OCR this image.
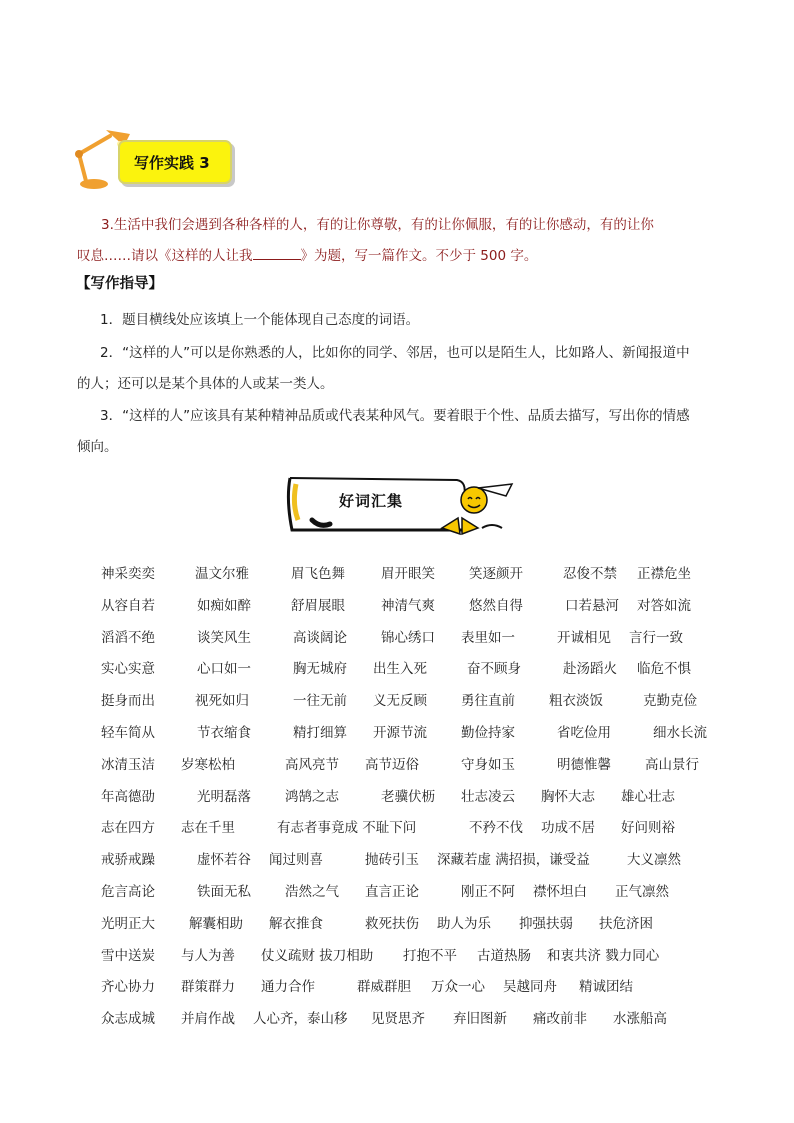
写作实践 3
3.生活中我们会遇到各种各样的人，有的让你尊敬，有的让你佩服，有的让你感动，有的让你
叹息……请以《这样的人让我	》为题，写一篇作文。不少于 500 字。
【写作指导】
1．题目横线处应该填上一个能体现自己态度的词语。
2．“这样的人”可以是你熟悉的人，比如你的同学、邻居，也可以是陌生人，比如路人、新闻报道中
的人；还可以是某个具体的人或某一类人。
3．“这样的人”应该具有某种精神品质或代表某种风气。要着眼于个性、品质去描写，写出你的情感
倾向。
好词汇集
神采奕奕	温文尔雅	眉飞色舞	眉开眼笑	笑逐颜开	忍俊不禁 正襟危坐
从容自若	如痴如醉	舒眉展眼	神清气爽	悠然自得	口若悬河 对答如流
滔滔不绝	谈笑风生	高谈阔论	锦心绣口 表里如一	开诚相见 言行一致
实心实意	心口如一	胸无城府 出生入死	奋不顾身	赴汤蹈火 临危不惧
挺身而出	视死如归	一往无前 义无反顾	勇往直前	粗衣淡饭	克勤克俭
轻车简从	节衣缩食	精打细算 开源节流	勤俭持家	省吃俭用	细水长流
冰清玉洁 岁寒松柏	高风亮节 高节迈俗	守身如玉	明德惟馨	高山景行
年高德劭	光明磊落	鸿鹄之志	老骥伏枥 壮志凌云 胸怀大志 雄心壮志
志在四方 志在千里	有志者事竟成 不耻下问	不矜不伐 功成不居 好问则裕
戒骄戒躁	虚怀若谷 闻过则喜	抛砖引玉 深藏若虚 满招损，谦受益	大义凛然
危言高论	铁面无私	浩然之气 直言正论	刚正不阿 襟怀坦白 正气凛然
光明正大	解囊相助 解衣推食	救死扶伤 助人为乐 抑强扶弱 扶危济困
雪中送炭 与人为善 仗义疏财 拔刀相助 打抱不平 古道热肠 和衷共济 戮力同心
齐心协力 群策群力 通力合作	群威群胆 万众一心 吴越同舟 精诚团结
众志成城 并肩作战 人心齐，泰山移 见贤思齐 弃旧图新 痛改前非 水涨船高
